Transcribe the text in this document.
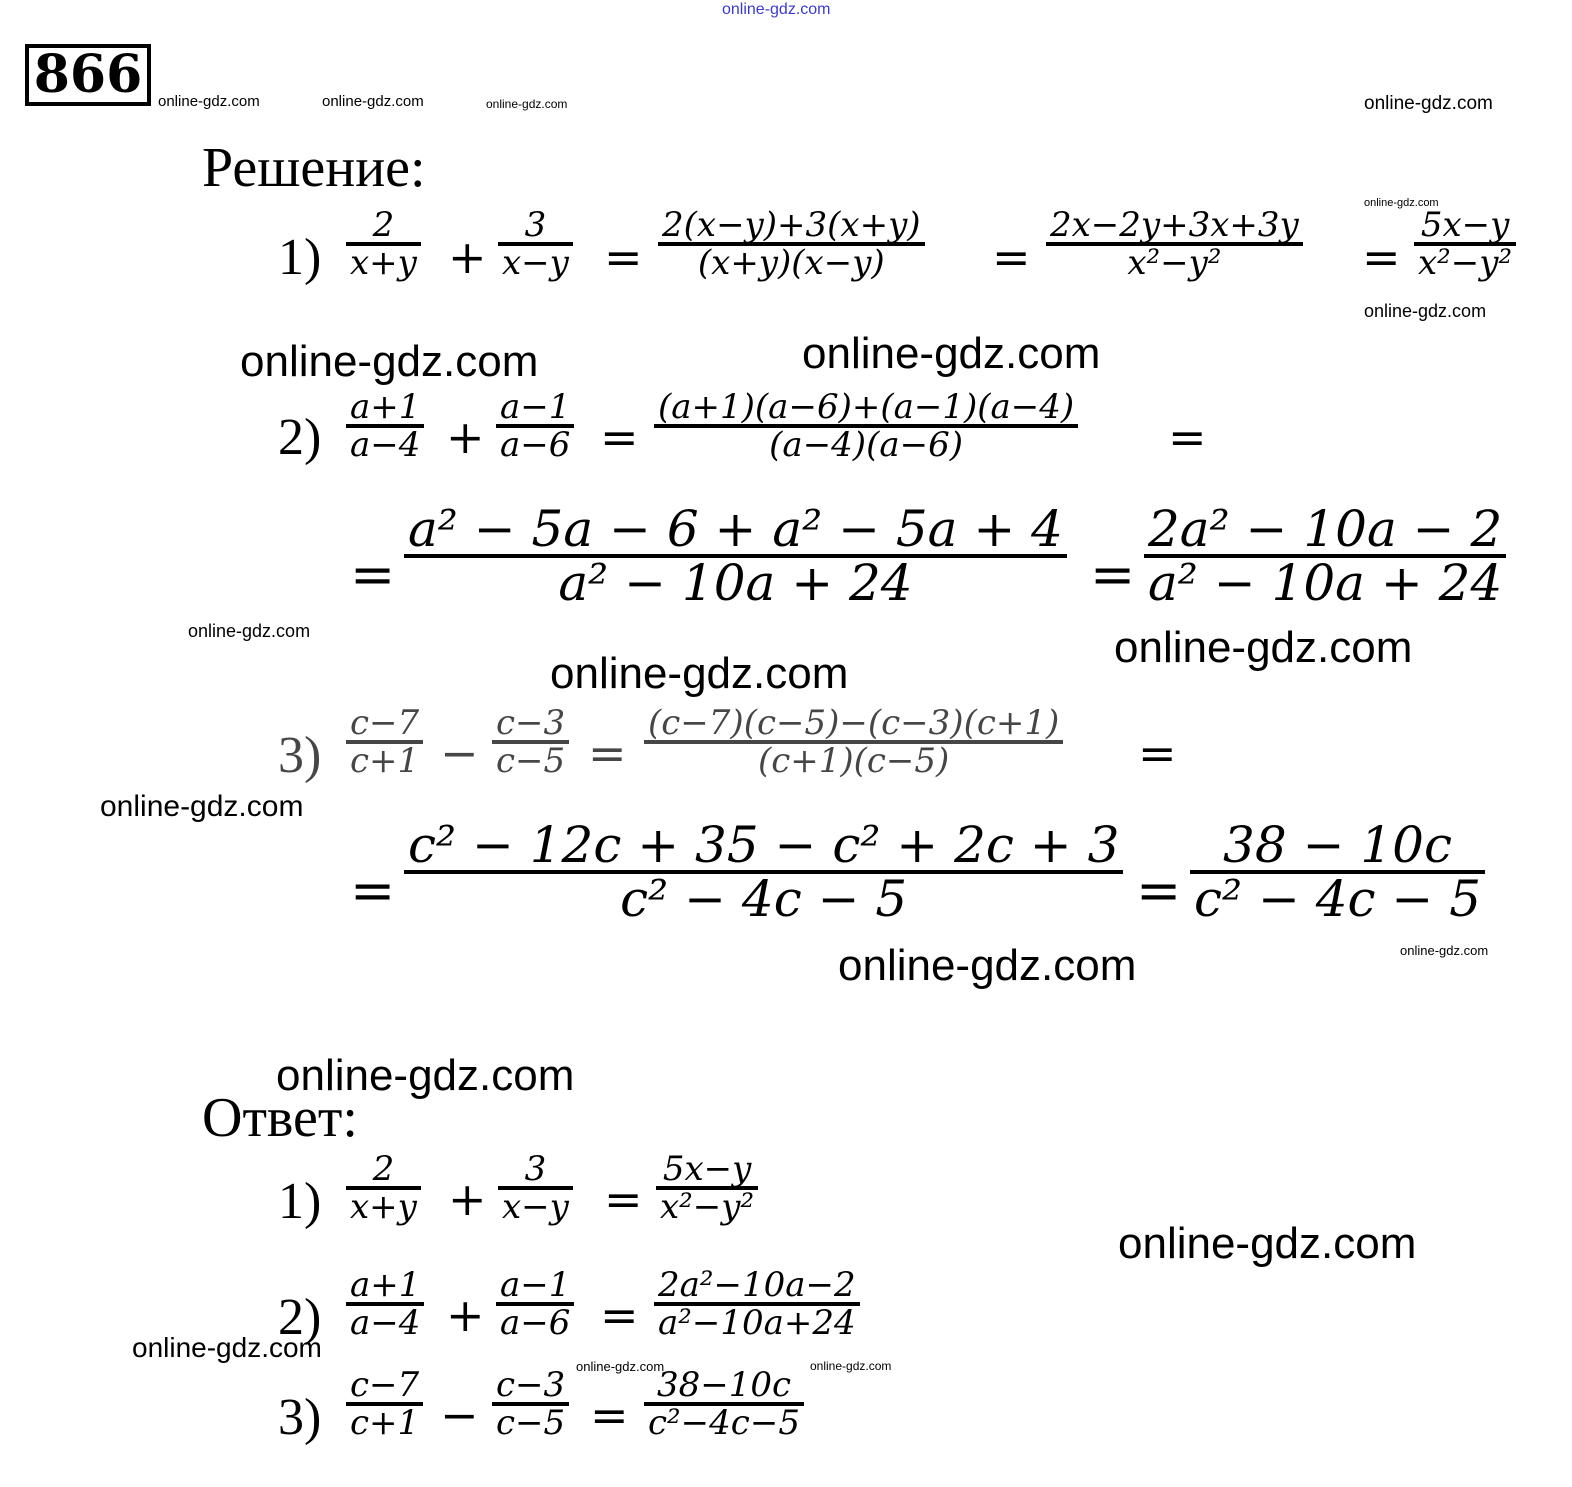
866
Решение:
Ответ:
1)
2
x+y +
3
x−y =
2(x−y)+3(x+y)
(x+y)(x−y) =
2x−2y+3x+3y
x²−y²	=
5x−y
x²−y²
2)
a+1
a−4 +
a−1
a−6 =
(a+1)(a−6)+(a−1)(a−4)
(a−4)(a−6)	=
=
a² − 5a − 6 + a² − 5a + 4
a² − 10a + 24	=
2a² − 10a − 2
a² − 10a + 24
3)
c−7
c+1 −
c−3
c−5 =
(c−7)(c−5)−(c−3)(c+1)
(c+1)(c−5)	=
=
c² − 12c + 35 − c² + 2c + 3
c² − 4c − 5	=
38 − 10c
c² − 4c − 5
1)
2
x+y +
3
x−y =
5x−y
x²−y²
2)
a+1
a−4 +
a−1
a−6 =
2a²−10a−2
a²−10a+24
3)
c−7
c+1 −
c−3
c−5 =
38−10c
c²−4c−5
online-gdz.com
online-gdz.com	online-gdz.com	online-gdz.com	online-gdz.com
online-gdz.com
online-gdz.com
online-gdz.com	online-gdz.com
online-gdz.com	online-gdz.com
online-gdz.com
online-gdz.com
online-gdz.com
online-gdz.com
online-gdz.com
online-gdz.com
online-gdz.com
online-gdz.com	online-gdz.com
